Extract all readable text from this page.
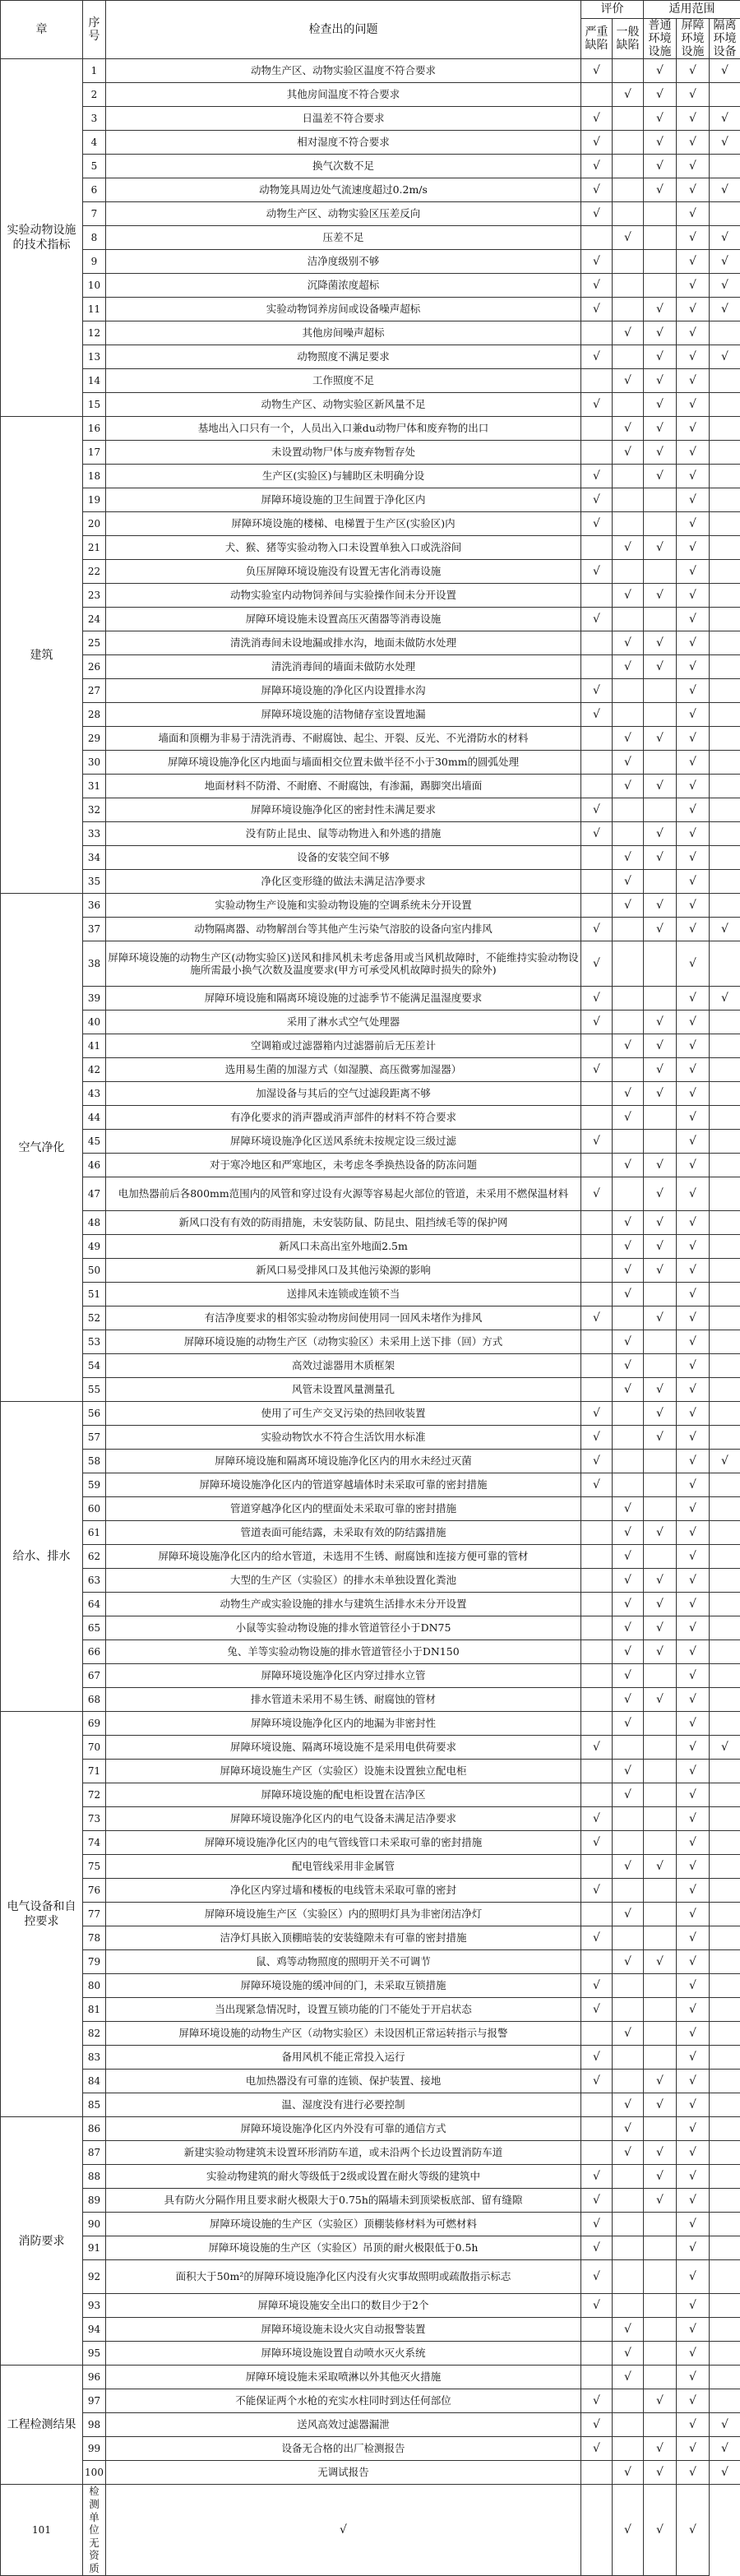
章	序号	检查出的问题	评价		适用范围		
			严重缺陷	一般缺陷	普通环境设施	屏障环境设施	隔离环境设备
实验动物设施的技术指标	1	动物生产区、动物实验区温度不符合要求	√		√	√	√
	2	其他房间温度不符合要求		√	√	√	
	3	日温差不符合要求	√		√	√	√
	4	相对湿度不符合要求	√		√	√	√
	5	换气次数不足	√		√	√	
	6	动物笼具周边处气流速度超过0.2m/s	√		√	√	√
	7	动物生产区、动物实验区压差反向	√			√	
	8	压差不足		√		√	√
	9	洁净度级别不够	√			√	√
	10	沉降菌浓度超标	√			√	√
	11	实验动物饲养房间或设备噪声超标	√		√	√	√
	12	其他房间噪声超标		√	√	√	
	13	动物照度不满足要求	√		√	√	√
	14	工作照度不足		√	√	√	
	15	动物生产区、动物实验区新风量不足	√		√	√	
建筑	16	基地出入口只有一个，人员出入口兼du动物尸体和废弃物的出口		√	√	√	
	17	未设置动物尸体与废弃物暂存处		√	√	√	
	18	生产区(实验区)与辅助区未明确分设	√		√	√	
	19	屏障环境设施的卫生间置于净化区内	√			√	
	20	屏障环境设施的楼梯、电梯置于生产区(实验区)内	√			√	
	21	犬、猴、猪等实验动物入口未设置单独入口或洗浴间		√	√	√	
	22	负压屏障环境设施没有设置无害化消毒设施	√			√	
	23	动物实验室内动物饲养间与实验操作间未分开设置		√	√	√	
	24	屏障环境设施未设置高压灭菌器等消毒设施	√			√	
	25	清洗消毒间未设地漏或排水沟，地面未做防水处理		√	√	√	
	26	清洗消毒间的墙面未做防水处理		√	√	√	
	27	屏障环境设施的净化区内设置排水沟	√			√	
	28	屏障环境设施的洁物储存室设置地漏	√			√	
	29	墙面和顶棚为非易于清洗消毒、不耐腐蚀、起尘、开裂、反光、不光滑防水的材料		√	√	√	
	30	屏障环境设施净化区内地面与墙面相交位置未做半径不小于30mm的圆弧处理		√		√	
	31	地面材料不防滑、不耐磨、不耐腐蚀，有渗漏，踢脚突出墙面		√	√	√	
	32	屏障环境设施净化区的密封性未满足要求	√			√	
	33	没有防止昆虫、鼠等动物进入和外逃的措施	√		√	√	
	34	设备的安装空间不够		√	√	√	
	35	净化区变形缝的做法未满足洁净要求		√		√	
空气净化	36	实验动物生产设施和实验动物设施的空调系统未分开设置		√	√	√	
	37	动物隔离器、动物解剖台等其他产生污染气溶胶的设备向室内排风	√		√	√	√
	38	屏障环境设施的动物生产区(动物实验区)送风和排风机未考虑备用或当风机故障时，不能维持实验动物设施所需最小换气次数及温度要求(甲方可承受风机故障时损失的除外)	√			√	
	39	屏障环境设施和隔离环境设施的过滤季节不能满足温湿度要求	√			√	√
	40	采用了淋水式空气处理器	√		√	√	
	41	空调箱或过滤器箱内过滤器前后无压差计		√	√	√	
	42	选用易生菌的加湿方式（如湿膜、高压微雾加湿器）	√		√	√	
	43	加湿设备与其后的空气过滤段距离不够		√	√	√	
	44	有净化要求的消声器或消声部件的材料不符合要求		√		√	
	45	屏障环境设施净化区送风系统未按规定设三级过滤	√			√	
	46	对于寒冷地区和严寒地区，未考虑冬季换热设备的防冻问题		√	√	√	
	47	电加热器前后各800mm范围内的风管和穿过设有火源等容易起火部位的管道，未采用不燃保温材料	√		√	√	
	48	新风口没有有效的防雨措施，未安装防鼠、防昆虫、阻挡绒毛等的保护网		√	√	√	
	49	新风口未高出室外地面2.5m		√	√	√	
	50	新风口易受排风口及其他污染源的影响		√	√	√	
	51	送排风未连锁或连锁不当		√		√	
	52	有洁净度要求的相邻实验动物房间使用同一回风未堵作为排风	√		√	√	
	53	屏障环境设施的动物生产区（动物实验区）未采用上送下排（回）方式		√		√	
	54	高效过滤器用木质框架		√		√	
	55	风管未设置风量测量孔		√	√	√	
给水、排水	56	使用了可生产交叉污染的热回收装置	√		√	√	
	57	实验动物饮水不符合生活饮用水标准	√		√	√	
	58	屏障环境设施和隔离环境设施净化区内的用水未经过灭菌	√			√	√
	59	屏障环境设施净化区内的管道穿越墙体时未采取可靠的密封措施	√			√	
	60	管道穿越净化区内的壁面处未采取可靠的密封措施		√		√	
	61	管道表面可能结露，未采取有效的防结露措施		√	√	√	
	62	屏障环境设施净化区内的给水管道，未选用不生锈、耐腐蚀和连接方便可靠的管材		√		√	
	63	大型的生产区（实验区）的排水未单独设置化粪池		√	√	√	
	64	动物生产或实验设施的排水与建筑生活排水未分开设置		√	√	√	
	65	小鼠等实验动物设施的排水管道管径小于DN75		√	√	√	
	66	兔、羊等实验动物设施的排水管道管径小于DN150		√	√	√	
	67	屏障环境设施净化区内穿过排水立管		√		√	
	68	排水管道未采用不易生锈、耐腐蚀的管材		√	√	√	
电气设备和自控要求	69	屏障环境设施净化区内的地漏为非密封性		√		√	
	70	屏障环境设施、隔离环境设施不是采用电供荷要求	√			√	√
	71	屏障环境设施生产区（实验区）设施未设置独立配电柜		√		√	
	72	屏障环境设施的配电柜设置在洁净区		√		√	
	73	屏障环境设施净化区内的电气设备未满足洁净要求	√			√	
	74	屏障环境设施净化区内的电气管线管口未采取可靠的密封措施	√			√	
	75	配电管线采用非金属管		√	√	√	
	76	净化区内穿过墙和楼板的电线管未采取可靠的密封	√			√	
	77	屏障环境设施生产区（实验区）内的照明灯具为非密闭洁净灯		√		√	
	78	洁净灯具嵌入顶棚暗装的安装缝隙未有可靠的密封措施	√			√	
	79	鼠、鸡等动物照度的照明开关不可调节		√	√	√	
	80	屏障环境设施的缓冲间的门，未采取互锁措施	√			√	
	81	当出现紧急情况时，设置互锁功能的门不能处于开启状态	√			√	
	82	屏障环境设施的动物生产区（动物实验区）未设因机正常运转指示与报警		√		√	
	83	备用风机不能正常投入运行	√			√	
	84	电加热器没有可靠的连锁、保护装置、接地	√		√	√	
	85	温、湿度没有进行必要控制		√	√	√	
消防要求	86	屏障环境设施净化区内外没有可靠的通信方式		√		√	
	87	新建实验动物建筑未设置环形消防车道，或未沿两个长边设置消防车道		√	√	√	
	88	实验动物建筑的耐火等级低于2级或设置在耐火等级的建筑中	√		√	√	
	89	具有防火分隔作用且要求耐火极限大于0.75h的隔墙未到顶梁板底部、留有缝隙	√		√	√	
	90	屏障环境设施的生产区（实验区）顶棚装修材料为可燃材料	√			√	
	91	屏障环境设施的生产区（实验区）吊顶的耐火极限低于0.5h	√			√	
	92	面积大于50m²的屏障环境设施净化区内没有火灾事故照明或疏散指示标志	√			√	
	93	屏障环境设施安全出口的数目少于2个	√			√	
	94	屏障环境设施未设火灾自动报警装置		√		√	
	95	屏障环境设施设置自动喷水灭火系统		√		√	
工程检测结果	96	屏障环境设施未采取喷淋以外其他灭火措施		√		√	
	97	不能保证两个水枪的充实水柱同时到达任何部位	√		√	√	
	98	送风高效过滤器漏泄	√			√	√
	99	设备无合格的出厂检测报告	√		√	√	√
	100	无调试报告		√	√	√	√
101	检测单位无资质	√		√	√	√	
